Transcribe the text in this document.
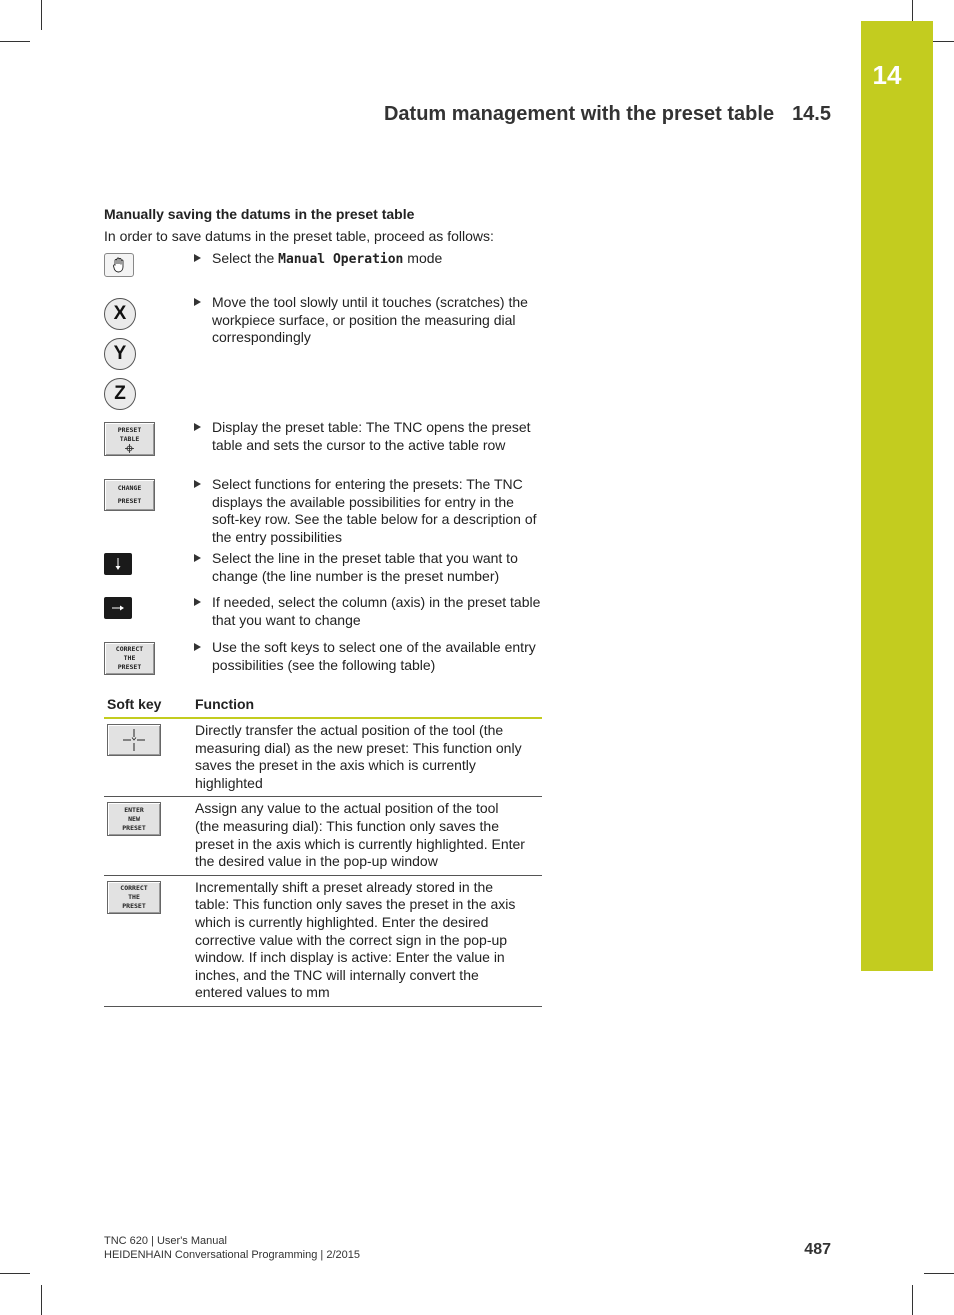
14
Datum management with the preset table 14.5
Manually saving the datums in the preset table
In order to save datums in the preset table, proceed as follows:
Select the Manual Operation mode
X
Y
Z
Move the tool slowly until it touches (scratches) the workpiece surface, or position the measuring dial correspondingly
PRESET
TABLE
Display the preset table: The TNC opens the preset table and sets the cursor to the active table row
CHANGE
PRESET
Select functions for entering the presets: The TNC displays the available possibilities for entry in the soft-key row. See the table below for a description of the entry possibilities
Select the line in the preset table that you want to change (the line number is the preset number)
If needed, select the column (axis) in the preset table that you want to change
CORRECT
THE
PRESET
Use the soft keys to select one of the available entry possibilities (see the following table)
Soft key Function
Directly transfer the actual position of the tool (the measuring dial) as the new preset: This function only saves the preset in the axis which is currently highlighted
ENTER
NEW
PRESET
Assign any value to the actual position of the tool (the measuring dial): This function only saves the preset in the axis which is currently highlighted. Enter the desired value in the pop-up window
CORRECT
THE
PRESET
Incrementally shift a preset already stored in the table: This function only saves the preset in the axis which is currently highlighted. Enter the desired corrective value with the correct sign in the pop-up window. If inch display is active: Enter the value in inches, and the TNC will internally convert the entered values to mm
TNC 620 | User's Manual
HEIDENHAIN Conversational Programming | 2/2015	487
